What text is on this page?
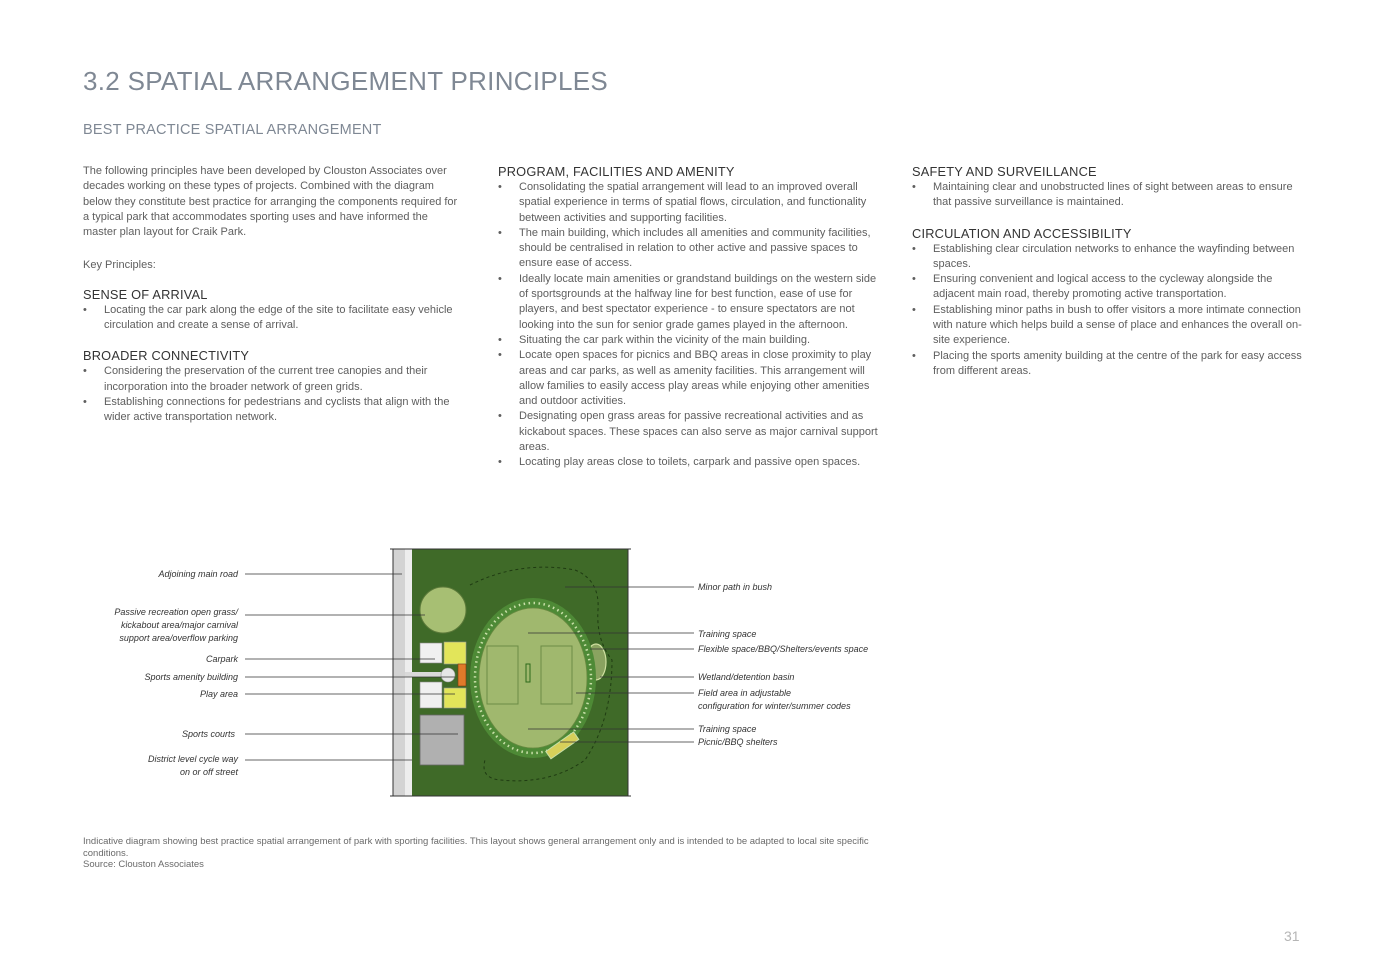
3.2 SPATIAL ARRANGEMENT PRINCIPLES
BEST PRACTICE SPATIAL ARRANGEMENT

The following principles have been developed by Clouston Associates over decades working on these types of projects. Combined with the diagram below they constitute best practice for arranging the components required for a typical park that accommodates sporting uses and have informed the master plan layout for Craik Park.

Key Principles:

SENSE OF ARRIVAL
• Locating the car park along the edge of the site to facilitate easy vehicle circulation and create a sense of arrival.
BROADER CONNECTIVITY
• Considering the preservation of the current tree canopies and their incorporation into the broader network of green grids.
• Establishing connections for pedestrians and cyclists that align with the wider active transportation network.
PROGRAM, FACILITIES AND AMENITY
• Consolidating the spatial arrangement will lead to an improved overall spatial experience in terms of spatial flows, circulation, and functionality between activities and supporting facilities.
• The main building, which includes all amenities and community facilities, should be centralised in relation to other active and passive spaces to ensure ease of access.
• Ideally locate main amenities or grandstand buildings on the western side of sportsgrounds at the halfway line for best function, ease of use for players, and best spectator experience - to ensure spectators are not looking into the sun for senior grade games played in the afternoon.
• Situating the car park within the vicinity of the main building.
• Locate open spaces for picnics and BBQ areas in close proximity to play areas and car parks, as well as amenity facilities. This arrangement will allow families to easily access play areas while enjoying other amenities and outdoor activities.
• Designating open grass areas for passive recreational activities and as kickabout spaces. These spaces can also serve as major carnival support areas.
• Locating play areas close to toilets, carpark and passive open spaces.
SAFETY AND SURVEILLANCE
• Maintaining clear and unobstructed lines of sight between areas to ensure that passive surveillance is maintained.
CIRCULATION AND ACCESSIBILITY
• Establishing clear circulation networks to enhance the wayfinding between spaces.
• Ensuring convenient and logical access to the cycleway alongside the adjacent main road, thereby promoting active transportation.
• Establishing minor paths in bush to offer visitors a more intimate connection with nature which helps build a sense of place and enhances the overall on-site experience.
• Placing the sports amenity building at the centre of the park for easy access from different areas.
Adjoining main road
Passive recreation open grass/
kickabout area/major carnival
support area/overflow parking
Carpark
Sports amenity building
Play area
Sports courts
District level cycle way
on or off street
Minor path in bush
Training space
Flexible space/BBQ/Shelters/events space
Wetland/detention basin
Field area in adjustable
configuration for winter/summer codes
Training space
Picnic/BBQ shelters
Indicative diagram showing best practice spatial arrangement of park with sporting facilities. This layout shows general arrangement only and is intended to be adapted to local site specific conditions.
Source: Clouston Associates
31
